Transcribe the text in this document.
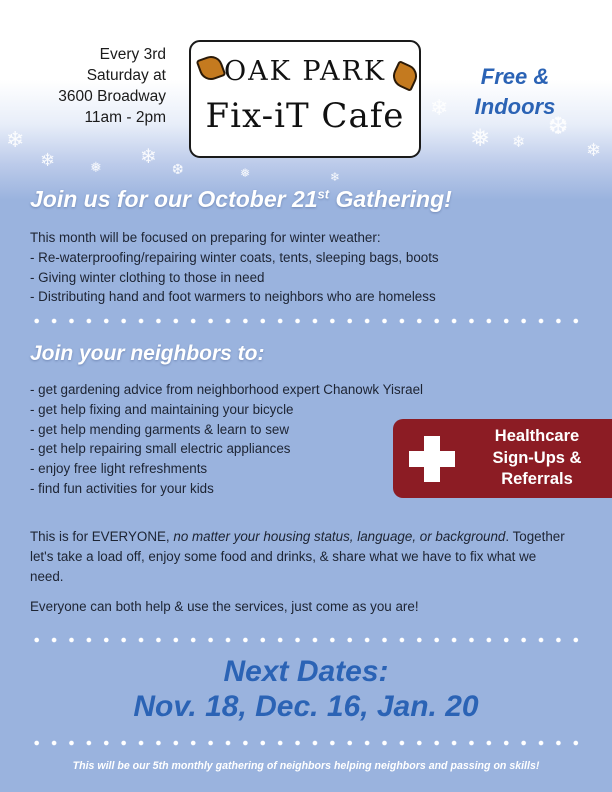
❄
❄ ❅ ❄
❆
❄
❅ ❄
❆
❄
❅	❄
Every 3rd
Saturday at
3600 Broadway
11am - 2pm
OAK PARK
Fix-iT Cafe
Free &
Indoors
Join us for our October 21st Gathering!
This month will be focused on preparing for winter weather:
- Re-waterproofing/repairing winter coats, tents, sleeping bags, boots
- Giving winter clothing to those in need
- Distributing hand and foot warmers to neighbors who are homeless
Join your neighbors to:
- get gardening advice from neighborhood expert Chanowk Yisrael
- get help fixing and maintaining your bicycle
- get help mending garments & learn to sew
- get help repairing small electric appliances
- enjoy free light refreshments
- find fun activities for your kids
Healthcare
Sign-Ups &
Referrals
This is for EVERYONE, no matter your housing status, language, or background. Together let's take a load off, enjoy some food and drinks, & share what we have to fix what we need.
Everyone can both help & use the services, just come as you are!
Next Dates:
Nov. 18, Dec. 16, Jan. 20
This will be our 5th monthly gathering of neighbors helping neighbors and passing on skills!
